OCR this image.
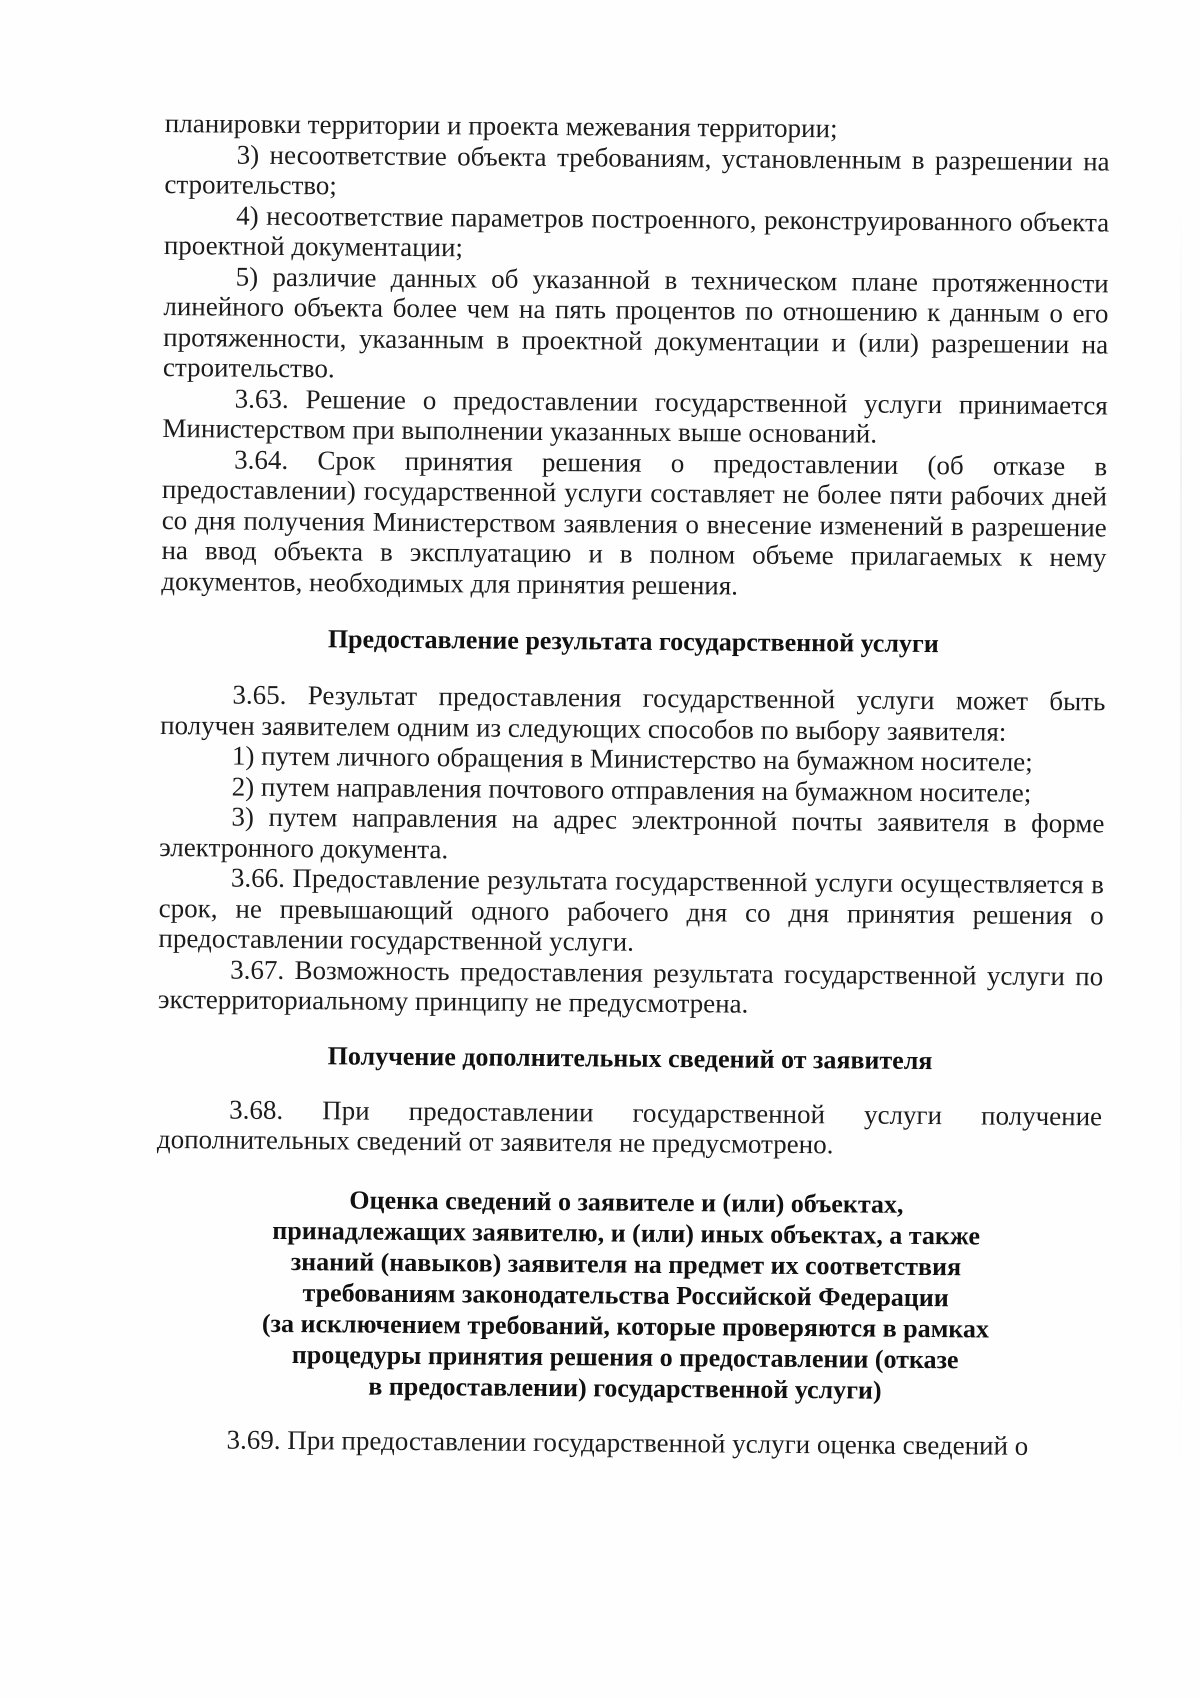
планировки территории и проекта межевания территории;

3) несоответствие объекта требованиям, установленным в разрешении на строительство;

4) несоответствие параметров построенного, реконструированного объекта проектной документации;

5) различие данных об указанной в техническом плане протяженности линейного объекта более чем на пять процентов по отношению к данным о его протяженности, указанным в проектной документации и (или) разрешении на строительство.

3.63. Решение о предоставлении государственной услуги принимается Министерством при выполнении указанных выше оснований.

3.64. Срок принятия решения о предоставлении (об отказе в предоставлении) государственной услуги составляет не более пяти рабочих дней со дня получения Министерством заявления о внесение изменений в разрешение на ввод объекта в эксплуатацию и в полном объеме прилагаемых к нему документов, необходимых для принятия решения.

Предоставление результата государственной услуги

3.65. Результат предоставления государственной услуги может быть получен заявителем одним из следующих способов по выбору заявителя:

1) путем личного обращения в Министерство на бумажном носителе;

2) путем направления почтового отправления на бумажном носителе;

3) путем направления на адрес электронной почты заявителя в форме электронного документа.

3.66. Предоставление результата государственной услуги осуществляется в срок, не превышающий одного рабочего дня со дня принятия решения о предоставлении государственной услуги.

3.67. Возможность предоставления результата государственной услуги по экстерриториальному принципу не предусмотрена.

Получение дополнительных сведений от заявителя

3.68. При предоставлении государственной услуги получение дополнительных сведений от заявителя не предусмотрено.

Оценка сведений о заявителе и (или) объектах,
принадлежащих заявителю, и (или) иных объектах, а также
знаний (навыков) заявителя на предмет их соответствия
требованиям законодательства Российской Федерации
(за исключением требований, которые проверяются в рамках
процедуры принятия решения о предоставлении (отказе
в предоставлении) государственной услуги)

3.69. При предоставлении государственной услуги оценка сведений о
